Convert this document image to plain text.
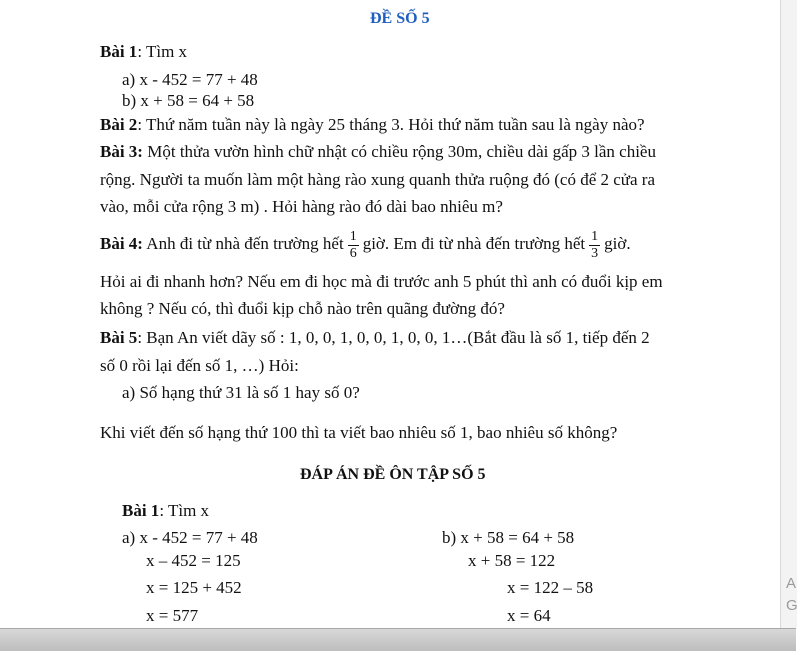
ĐỀ SỐ 5
Bài 1: Tìm x
a) x - 452 = 77 + 48
b) x + 58 = 64 + 58
Bài 2: Thứ năm tuần này là ngày 25 tháng 3. Hỏi thứ năm tuần sau là ngày nào?
Bài 3: Một thửa vườn hình chữ nhật có chiều rộng 30m, chiều dài gấp 3 lần chiều
rộng. Người ta muốn làm một hàng rào xung quanh thửa ruộng đó (có để 2 cửa ra
vào, mỗi cửa rộng 3 m) . Hỏi hàng rào đó dài bao nhiêu m?
Bài 4: Anh đi từ nhà đến trường hết $\frac{1}{6}$ giờ. Em đi từ nhà đến trường hết $\frac{1}{3}$ giờ.
Hỏi ai đi nhanh hơn? Nếu em đi học mà đi trước anh 5 phút thì anh có đuổi kịp em
không ? Nếu có, thì đuổi kịp chỗ nào trên quãng đường đó?
Bài 5: Bạn An viết dãy số : 1, 0, 0, 1, 0, 0, 1, 0, 0, 1…(Bắt đầu là số 1, tiếp đến 2
số 0 rồi lại đến số 1, …) Hỏi:
a) Số hạng thứ 31 là số 1 hay số 0?
Khi viết đến số hạng thứ 100 thì ta viết bao nhiêu số 1, bao nhiêu số không?
ĐÁP ÁN ĐỀ ÔN TẬP SỐ 5
Bài 1: Tìm x
a) x - 452 = 77 + 48
x – 452 = 125
x = 125 + 452
x = 577
b) x + 58 = 64 + 58
x + 58 = 122
x = 122 – 58
x = 64
A
G
